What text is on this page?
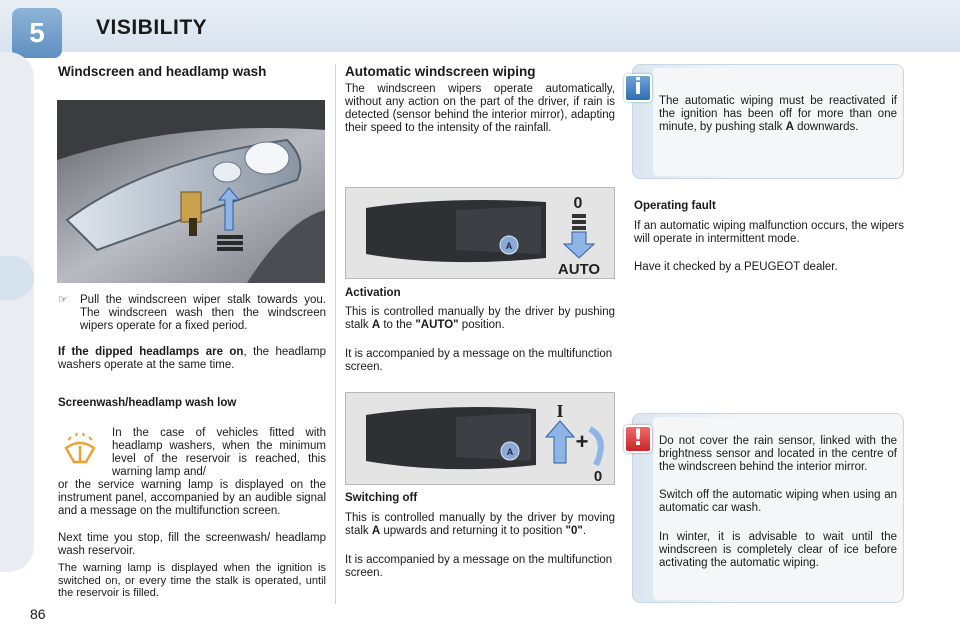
5	VISIBILITY
Windscreen and headlamp wash
☞ Pull the windscreen wiper stalk towards you. The windscreen wash then the windscreen wipers operate for a fixed period.
If the dipped headlamps are on, the headlamp washers operate at the same time.
Screenwash/headlamp wash low
In the case of vehicles fitted with headlamp washers, when the minimum level of the reservoir is reached, this warning lamp and/
or the service warning lamp is displayed on the instrument panel, accompanied by an audible signal and a message on the multifunction screen.
Next time you stop, fill the screenwash/ headlamp wash reservoir.
The warning lamp is displayed when the ignition is switched on, or every time the stalk is operated, until the reservoir is filled.
Automatic windscreen wiping
The windscreen wipers operate automatically, without any action on the part of the driver, if rain is detected (sensor behind the interior mirror), adapting their speed to the intensity of the rainfall.
A
0
AUTO
Activation
This is controlled manually by the driver by pushing stalk A to the "AUTO" position.
It is accompanied by a message on the multifunction screen.
A
I
+
0
Switching off
This is controlled manually by the driver by moving stalk A upwards and returning it to position "0".
It is accompanied by a message on the multifunction screen.
i
The automatic wiping must be reactivated if the ignition has been off for more than one minute, by pushing stalk A downwards.
Operating fault
If an automatic wiping malfunction occurs, the wipers will operate in intermittent mode.
Have it checked by a PEUGEOT dealer.
!	Do not cover the rain sensor, linked with the brightness sensor and located in the centre of the windscreen behind the interior mirror.
Switch off the automatic wiping when using an automatic car wash.
In winter, it is advisable to wait until the windscreen is completely clear of ice before activating the automatic wiping.
86
